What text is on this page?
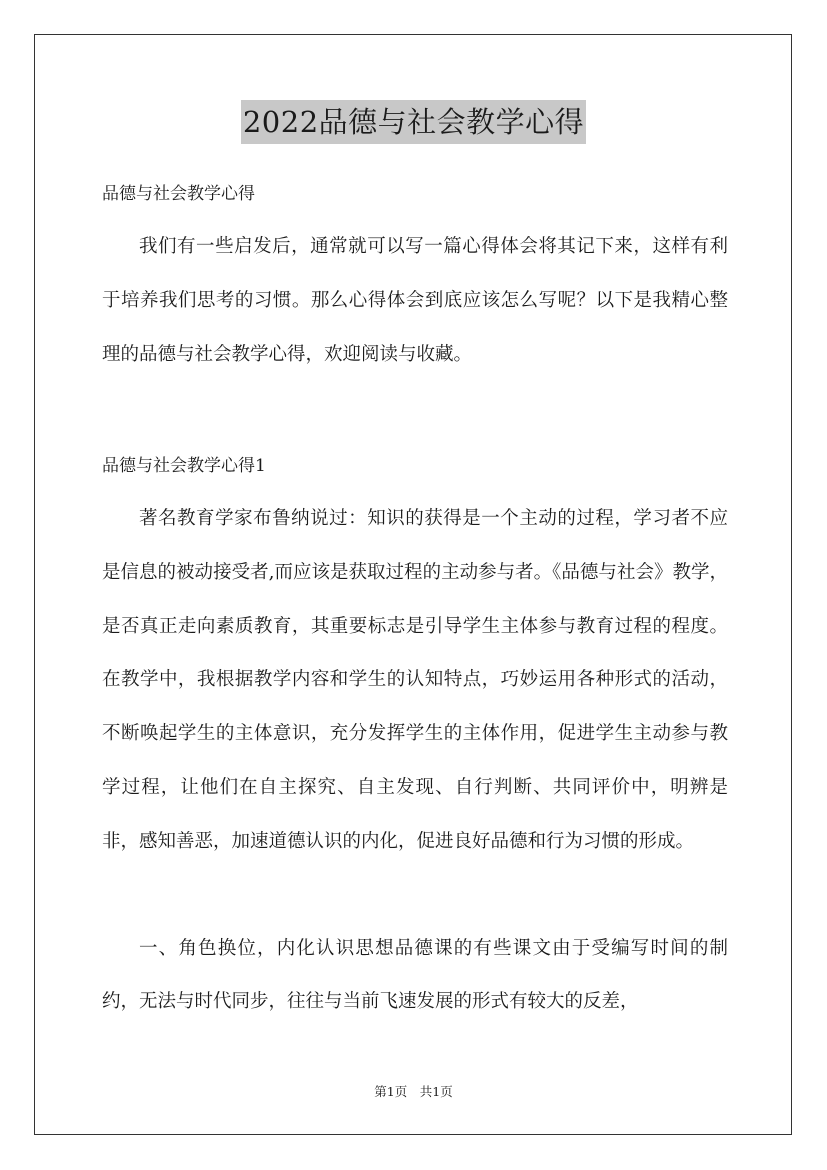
2022品德与社会教学心得
品德与社会教学心得
我们有一些启发后，通常就可以写一篇心得体会将其记下来，这样有利于培养我们思考的习惯。那么心得体会到底应该怎么写呢？以下是我精心整理的品德与社会教学心得，欢迎阅读与收藏。
品德与社会教学心得1
著名教育学家布鲁纳说过：知识的获得是一个主动的过程，学习者不应是信息的被动接受者,而应该是获取过程的主动参与者。《品德与社会》教学，是否真正走向素质教育，其重要标志是引导学生主体参与教育过程的程度。在教学中，我根据教学内容和学生的认知特点，巧妙运用各种形式的活动，不断唤起学生的主体意识，充分发挥学生的主体作用，促进学生主动参与教学过程，让他们在自主探究、自主发现、自行判断、共同评价中，明辨是非，感知善恶，加速道德认识的内化，促进良好品德和行为习惯的形成。
一、角色换位，内化认识思想品德课的有些课文由于受编写时间的制约，无法与时代同步，往往与当前飞速发展的形式有较大的反差，
第1页　共1页
